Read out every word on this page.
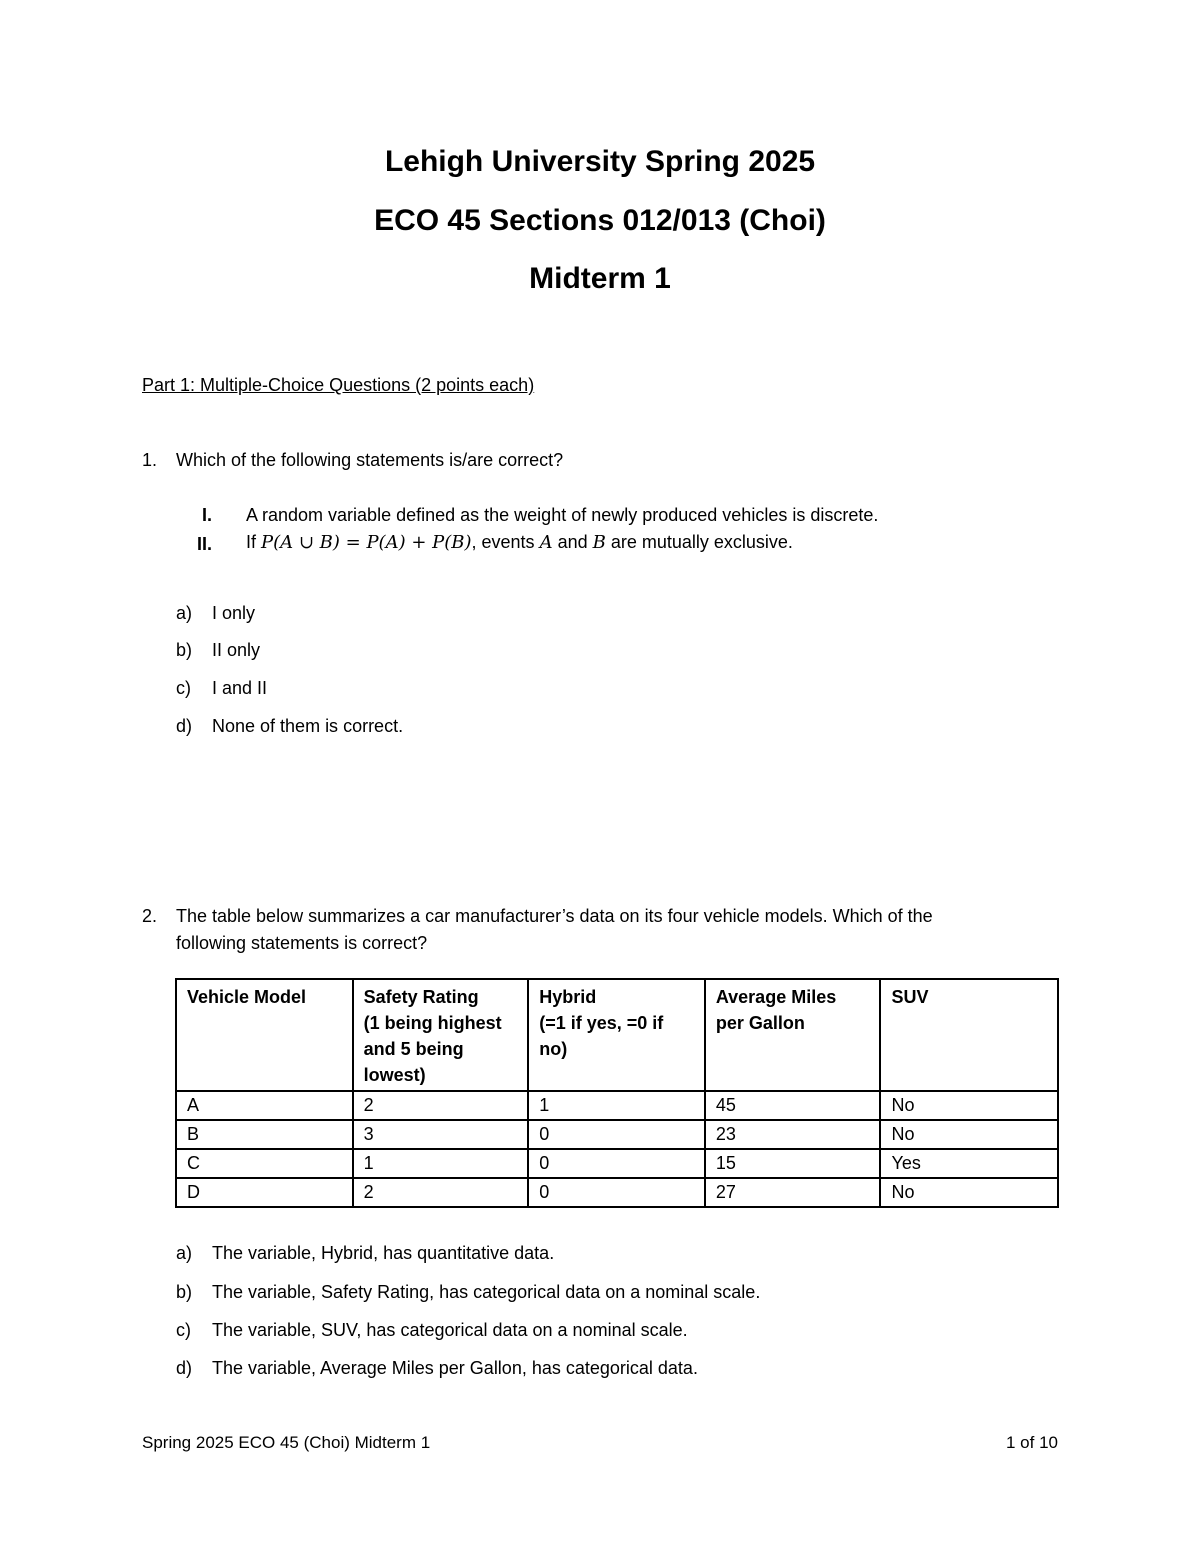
Lehigh University Spring 2025
ECO 45 Sections 012/013 (Choi)
Midterm 1
Part 1: Multiple-Choice Questions (2 points each)
1. Which of the following statements is/are correct?
I. A random variable defined as the weight of newly produced vehicles is discrete.
II. If P(A ∪ B) = P(A) + P(B), events A and B are mutually exclusive.
a) I only
b) II only
c) I and II
d) None of them is correct.
2. The table below summarizes a car manufacturer’s data on its four vehicle models. Which of the
following statements is correct?
Vehicle Model	Safety Rating
(1 being highest
and 5 being
lowest)	Hybrid
(=1 if yes, =0 if
no)	Average Miles
per Gallon	SUV
A	2	1	45	No
B	3	0	23	No
C	1	0	15	Yes
D	2	0	27	No
a) The variable, Hybrid, has quantitative data.
b) The variable, Safety Rating, has categorical data on a nominal scale.
c) The variable, SUV, has categorical data on a nominal scale.
d) The variable, Average Miles per Gallon, has categorical data.
Spring 2025 ECO 45 (Choi) Midterm 1	1 of 10
